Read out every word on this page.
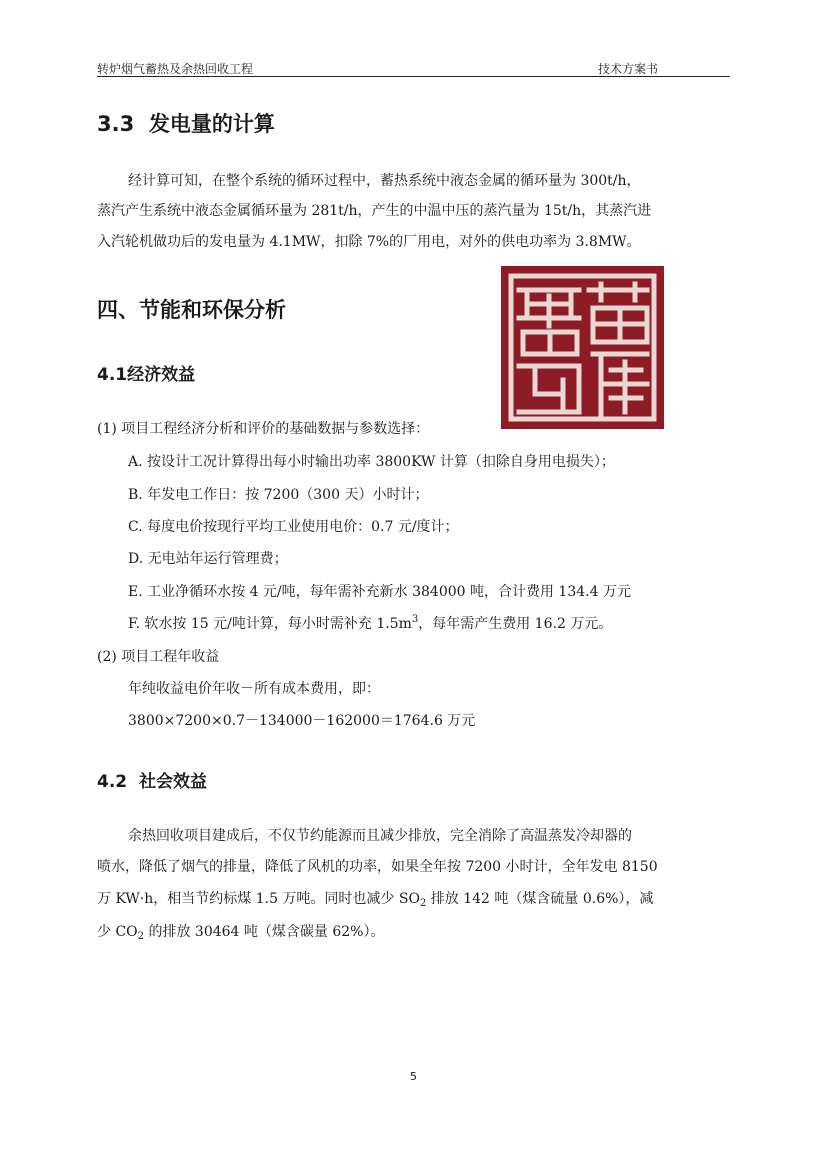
转炉烟气蓄热及余热回收工程	技术方案书
3.3 发电量的计算
经计算可知，在整个系统的循环过程中，蓄热系统中液态金属的循环量为 300t/h，
蒸汽产生系统中液态金属循环量为 281t/h，产生的中温中压的蒸汽量为 15t/h，其蒸汽进
入汽轮机做功后的发电量为 4.1MW，扣除 7%的厂用电，对外的供电功率为 3.8MW。
四、节能和环保分析
4.1经济效益
(1) 项目工程经济分析和评价的基础数据与参数选择：
A. 按设计工况计算得出每小时输出功率 3800KW 计算（扣除自身用电损失）；
B. 年发电工作日：按 7200（300 天）小时计；
C. 每度电价按现行平均工业使用电价：0.7 元/度计；
D. 无电站年运行管理费；
E. 工业净循环水按 4 元/吨，每年需补充新水 384000 吨，合计费用 134.4 万元
F. 软水按 15 元/吨计算，每小时需补充 $1.5m^3$，每年需产生费用 16.2 万元。
(2) 项目工程年收益
年纯收益电价年收－所有成本费用，即：
3800×7200×0.7－134000－162000＝1764.6 万元
4.2 社会效益
余热回收项目建成后，不仅节约能源而且减少排放，完全消除了高温蒸发冷却器的
喷水，降低了烟气的排量，降低了风机的功率，如果全年按 7200 小时计，全年发电 8150
万 KW·h，相当节约标煤 1.5 万吨。同时也减少 $SO_2$ 排放 142 吨（煤含硫量 0.6%），减
少 $CO_2$ 的排放 30464 吨（煤含碳量 62%）。
5
